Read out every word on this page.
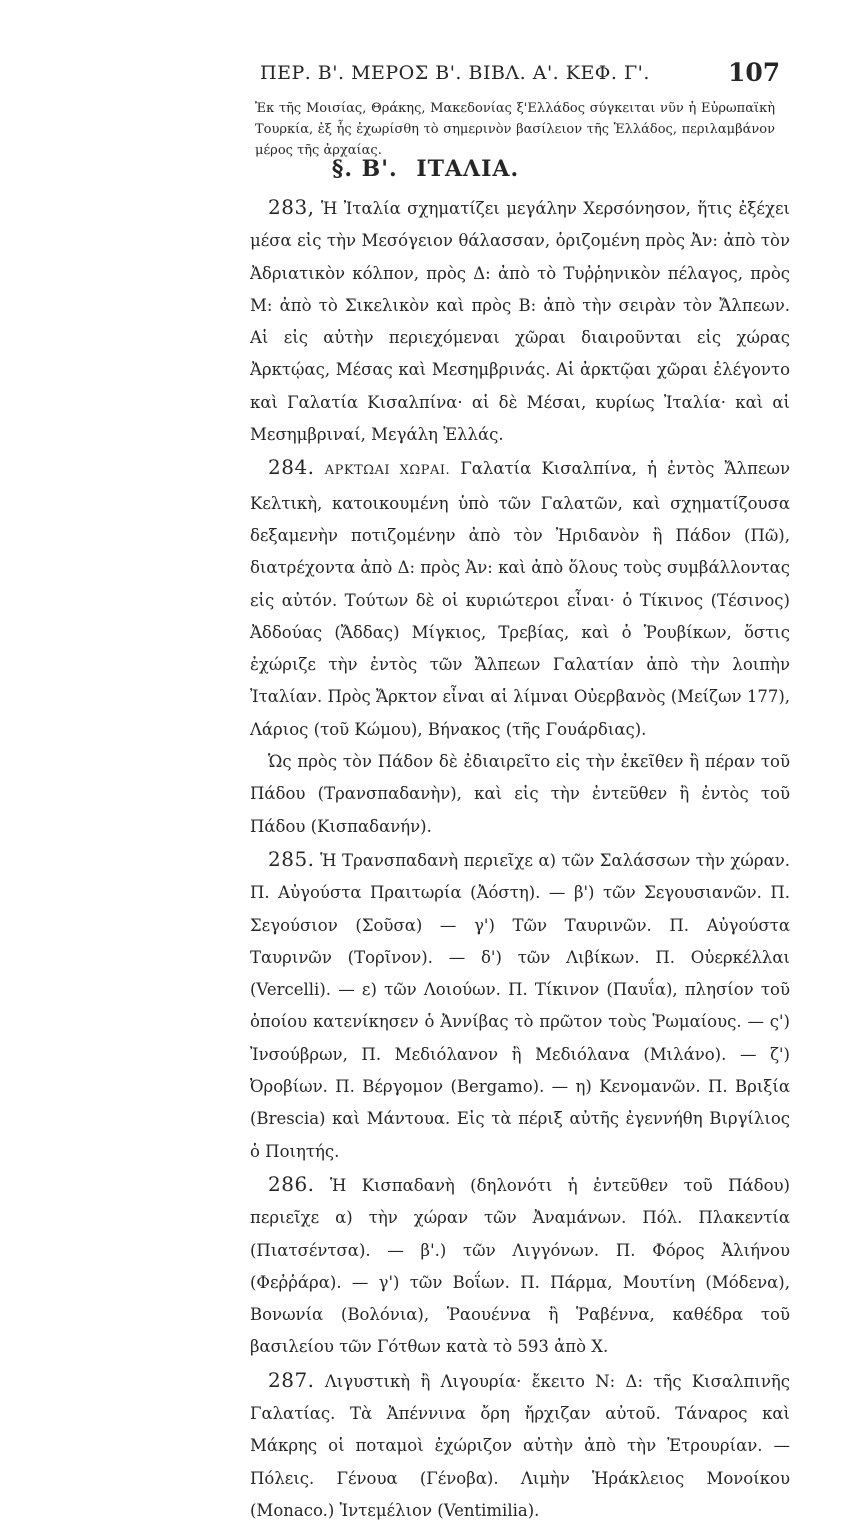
ΠΕΡ. Β'. ΜΕΡΟΣ Β'. ΒΙΒΛ. Α'. ΚΕΦ. Γ'.	107

Ἐκ τῆς Μοισίας, Θράκης, Μακεδονίας ξ'Ελλάδος σύγκειται νῦν ἡ Εὐρωπαϊκὴ Τουρκία, ἐξ ἧς ἐχωρίσθη τὸ σημερινὸν βασίλειον τῆς Ἑλλάδος, περιλαμβάνον μέρος τῆς ἀρχαίας.

§. Β'. ΙΤΑΛΙΑ.

283, Ἡ Ἰταλία σχηματίζει μεγάλην Χερσόνησον, ἥτις ἐξέχει μέσα εἰς τὴν Μεσόγειον θάλασσαν, ὁριζομένη πρὸς Ἀν: ἀπὸ τὸν Ἀδριατικὸν κόλπον, πρὸς Δ: ἀπὸ τὸ Τυῤῥηνικὸν πέλαγος, πρὸς Μ: ἀπὸ τὸ Σικελικὸν καὶ πρὸς Β: ἀπὸ τὴν σειρὰν τὸν Ἄλπεων. Αἱ εἰς αὐτὴν περιεχόμεναι χῶραι διαιροῦνται εἰς χώρας Ἀρκτῴας, Μέσας καὶ Μεσημβρινάς. Αἱ ἀρκτῷαι χῶραι ἐλέγοντο καὶ Γαλατία Κισαλπίνα· αἱ δὲ Μέσαι, κυρίως Ἰταλία· καὶ αἱ Μεσημβριναί, Μεγάλη Ἑλλάς.

284. ΑΡΚΤΩΑΙ ΧΩΡΑΙ. Γαλατία Κισαλπίνα, ἡ ἐντὸς Ἄλπεων Κελτικὴ, κατοικουμένη ὑπὸ τῶν Γαλατῶν, καὶ σχηματίζουσα δεξαμενὴν ποτιζομένην ἀπὸ τὸν Ἠριδανὸν ἢ Πάδον (Πῶ), διατρέχοντα ἀπὸ Δ: πρὸς Ἀν: καὶ ἀπὸ ὅλους τοὺς συμβάλλοντας εἰς αὐτόν. Τούτων δὲ οἱ κυριώτεροι εἶναι· ὁ Τίκινος (Τέσινος) Ἀδδούας (Ἄδδας) Μίγκιος, Τρεβίας, καὶ ὁ Ῥουβίκων, ὅστις ἐχώριζε τὴν ἐντὸς τῶν Ἄλπεων Γαλατίαν ἀπὸ τὴν λοιπὴν Ἰταλίαν. Πρὸς Ἄρκτον εἶναι αἱ λίμναι Οὐερβανὸς (Μείζων 177), Λάριος (τοῦ Κώμου), Βήνακος (τῆς Γουάρδιας).

Ὡς πρὸς τὸν Πάδον δὲ ἐδιαιρεῖτο εἰς τὴν ἐκεῖθεν ἢ πέραν τοῦ Πάδου (Τρανσπαδανὴν), καὶ εἰς τὴν ἐντεῦθεν ἢ ἐντὸς τοῦ Πάδου (Κισπαδανήν).

285. Ἡ Τρανσπαδανὴ περιεῖχε α) τῶν Σαλάσσων τὴν χώραν. Π. Αὐγούστα Πραιτωρία (Ἀόστη). — β') τῶν Σεγουσιανῶν. Π. Σεγούσιον (Σοῦσα) — γ') Τῶν Ταυρινῶν. Π. Αὐγούστα Ταυρινῶν (Τορῖνον). — δ') τῶν Λιβίκων. Π. Οὐερκέλλαι (Vercelli). — ε) τῶν Λοιούων. Π. Τίκινον (Παυΐα), πλησίον τοῦ ὁποίου κατενίκησεν ὁ Ἀννίβας τὸ πρῶτον τοὺς Ῥωμαίους. — ς') Ἰνσούβρων, Π. Μεδιόλανον ἢ Μεδιόλανα (Μιλάνο). — ζ') Ὀροβίων. Π. Βέργομον (Bergamo). — η) Κενομανῶν. Π. Βριξία (Brescia) καὶ Μάντουα. Εἰς τὰ πέριξ αὐτῆς ἐγεννήθη Βιργίλιος ὁ Ποιητής.

286. Ἡ Κισπαδανὴ (δηλονότι ἡ ἐντεῦθεν τοῦ Πάδου) περιεῖχε α) τὴν χώραν τῶν Ἀναμάνων. Πόλ. Πλακεντία (Πιατσέντσα). — β'.) τῶν Λιγγόνων. Π. Φόρος Ἀλιήνου (Φεῤῥάρα). — γ') τῶν Βοΐων. Π. Πάρμα, Μουτίνη (Μόδενα), Βονωνία (Βολόνια), Ῥαουέννα ἢ Ῥαβέννα, καθέδρα τοῦ βασιλείου τῶν Γότθων κατὰ τὸ 593 ἀπὸ Χ.

287. Λιγυστικὴ ἢ Λιγουρία· ἔκειτο Ν: Δ: τῆς Κισαλπινῆς Γαλατίας. Τὰ Ἀπέννινα ὄρη ἤρχιζαν αὐτοῦ. Τάναρος καὶ Μάκρης οἱ ποταμοὶ ἐχώριζον αὐτὴν ἀπὸ τὴν Ἐτρουρίαν. — Πόλεις. Γένουα (Γένοβα). Λιμὴν Ἡράκλειος Μονοίκου (Monaco.) Ἰντεμέλιον (Ventimilia).
